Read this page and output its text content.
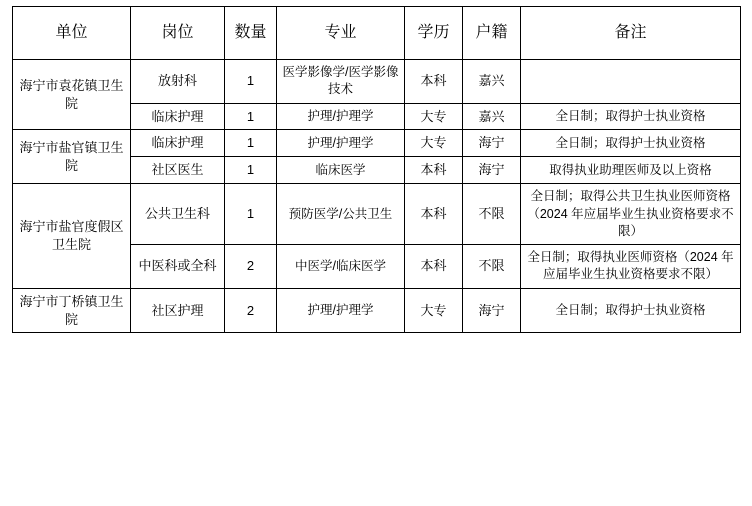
单位	岗位	数量	专业	学历	户籍	备注
海宁市袁花镇卫生院	放射科	1	医学影像学/医学影像技术	本科	嘉兴	
	临床护理	1	护理/护理学	大专	嘉兴	全日制；取得护士执业资格
海宁市盐官镇卫生院	临床护理	1	护理/护理学	大专	海宁	全日制；取得护士执业资格
	社区医生	1	临床医学	本科	海宁	取得执业助理医师及以上资格
海宁市盐官度假区卫生院	公共卫生科	1	预防医学/公共卫生	本科	不限	全日制；取得公共卫生执业医师资格（2024 年应届毕业生执业资格要求不限）
	中医科或全科	2	中医学/临床医学	本科	不限	全日制；取得执业医师资格（2024 年应届毕业生执业资格要求不限）
海宁市丁桥镇卫生院	社区护理	2	护理/护理学	大专	海宁	全日制；取得护士执业资格
